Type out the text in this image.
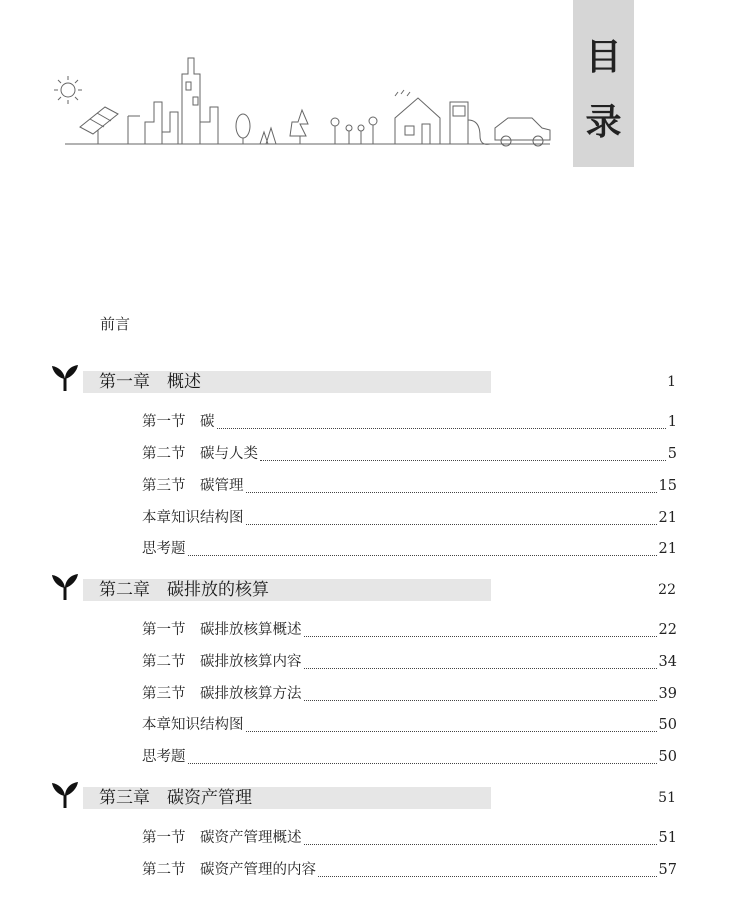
目
录
前言
第一章　概述	1
第一节　碳	1
第二节　碳与人类	5
第三节　碳管理	15
本章知识结构图	21
思考题	21
第二章　碳排放的核算	22
第一节　碳排放核算概述	22
第二节　碳排放核算内容	34
第三节　碳排放核算方法	39
本章知识结构图	50
思考题	50
第三章　碳资产管理	51
第一节　碳资产管理概述	51
第二节　碳资产管理的内容	57
